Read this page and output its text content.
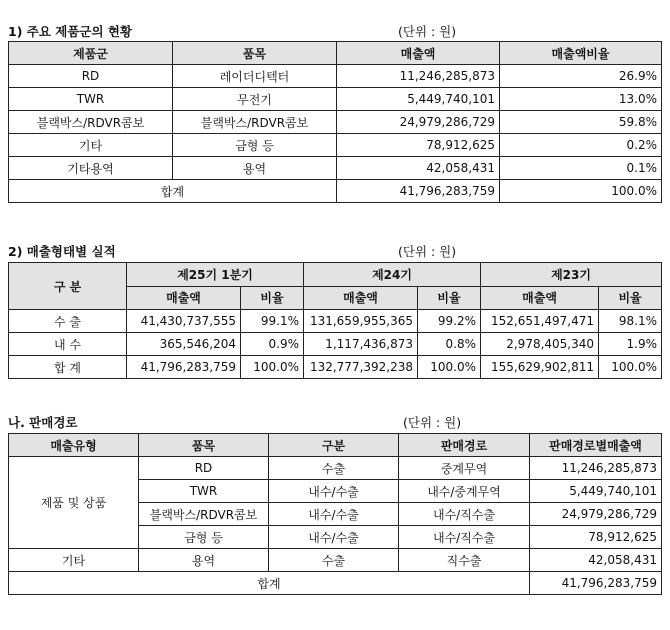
1) 주요 제품군의 현황	(단위 : 원)
제품군	품목	매출액	매출액비율
RD	레이더디텍터	11,246,285,873	26.9%
TWR	무전기	5,449,740,101	13.0%
블랙박스/RDVR콤보	블랙박스/RDVR콤보	24,979,286,729	59.8%
기타	금형 등	78,912,625	0.2%
기타용역	용역	42,058,431	0.1%
합계		41,796,283,759	100.0%
2) 매출형태별 실적	(단위 : 원)
구 분	제25기 1분기		제24기		제23기	
	매출액	비율	매출액	비율	매출액	비율
수 출	41,430,737,555	99.1%	131,659,955,365	99.2%	152,651,497,471	98.1%
내 수	365,546,204	0.9%	1,117,436,873	0.8%	2,978,405,340	1.9%
합 계	41,796,283,759	100.0%	132,777,392,238	100.0%	155,629,902,811	100.0%
나. 판매경로	(단위 : 원)
매출유형	품목	구분	판매경로	판매경로별매출액
제품 및 상품	RD	수출	중계무역	11,246,285,873
	TWR	내수/수출	내수/중계무역	5,449,740,101
	블랙박스/RDVR콤보	내수/수출	내수/직수출	24,979,286,729
	금형 등	내수/수출	내수/직수출	78,912,625
기타	용역	수출	직수출	42,058,431
합계				41,796,283,759
